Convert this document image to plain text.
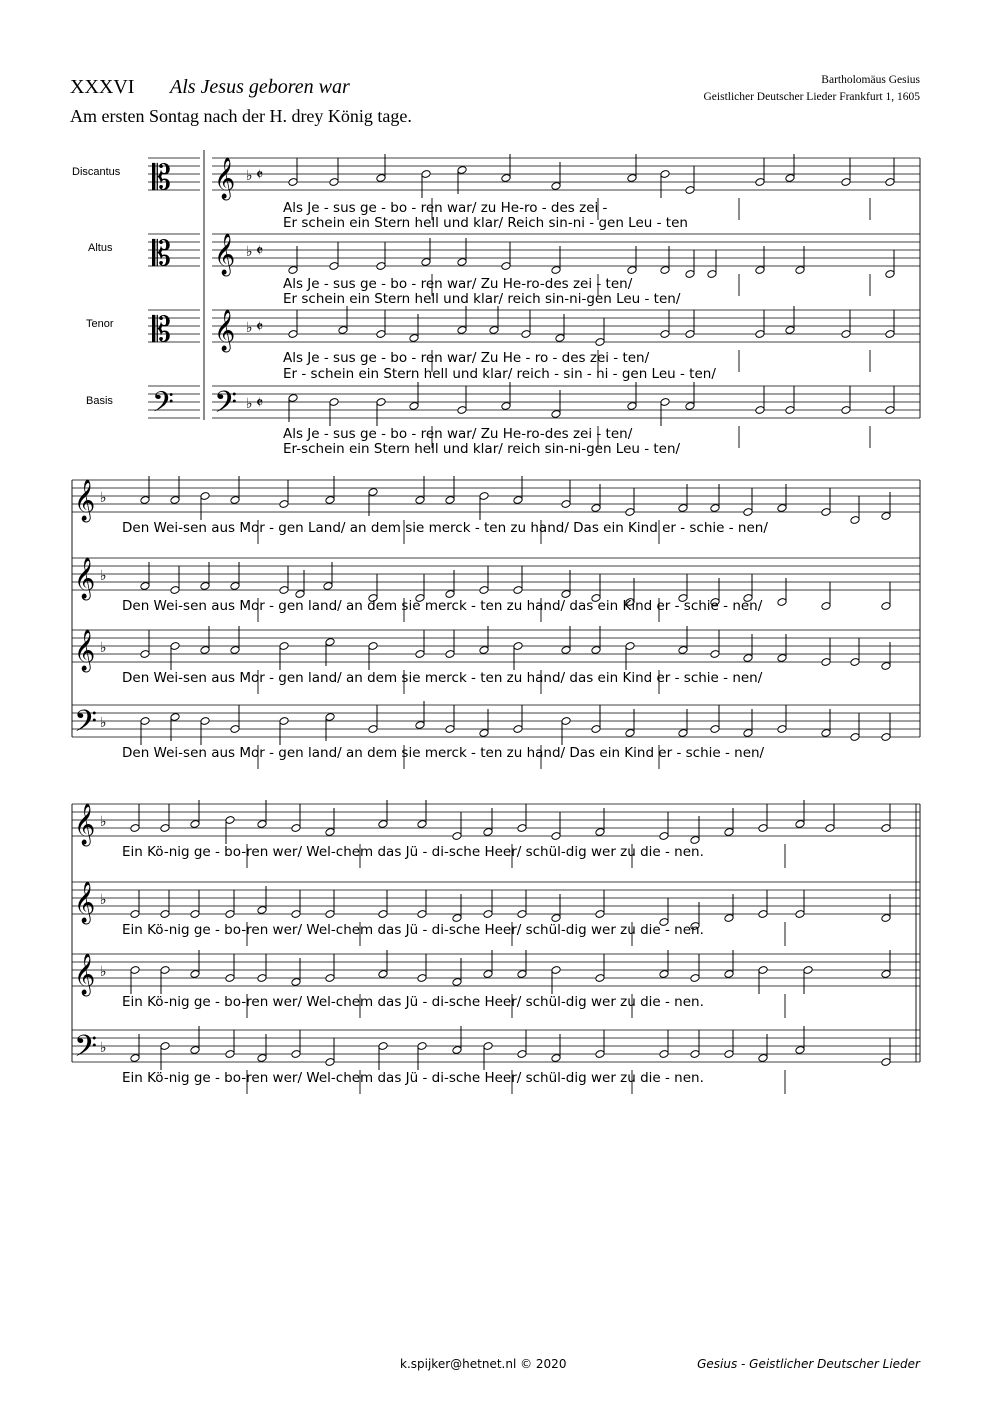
XXXVI Als Jesus geboren war
Am ersten Sontag nach der H. drey König tage.
Bartholomäus Gesius
Geistlicher Deutscher Lieder Frankfurt 1, 1605
Discantus
Altus
Tenor
Basis
𝄡 𝄞 ♭ 𝄵
𝄡 𝄞 ♭ 𝄵
𝄡 𝄞 ♭ 𝄵
𝄢 𝄢 ♭ 𝄵
𝄞 ♭
𝄞 ♭
𝄞 ♭
𝄢 ♭
𝄞 ♭
𝄞 ♭
𝄞 ♭
𝄢 ♭
Als Je - sus ge - bo - ren war/ zu He-ro - des zei -
Er schein ein Stern hell und klar/ Reich sin-ni - gen Leu - ten
Als Je - sus ge - bo - ren war/ Zu He-ro-des zei - ten/
Er schein ein Stern hell und klar/ reich sin-ni-gen Leu - ten/
Als Je - sus ge - bo - ren war/ Zu He - ro - des zei - ten/
Er - schein ein Stern hell und klar/ reich - sin - ni - gen Leu - ten/
Als Je - sus ge - bo - ren war/ Zu He-ro-des zei - ten/
Er-schein ein Stern hell und klar/ reich sin-ni-gen Leu - ten/
Den Wei-sen aus Mor - gen Land/ an dem sie merck - ten zu hand/ Das ein Kind er - schie - nen/
Den Wei-sen aus Mor - gen land/ an dem sie merck - ten zu hand/ das ein Kind er - schie - nen/
Den Wei-sen aus Mor - gen land/ an dem sie merck - ten zu hand/ das ein Kind er - schie - nen/
Den Wei-sen aus Mor - gen land/ an dem sie merck - ten zu hand/ Das ein Kind er - schie - nen/
Ein Kö-nig ge - bo-ren wer/ Wel-chem das Jü - di-sche Heer/ schül-dig wer zu die - nen.
Ein Kö-nig ge - bo-ren wer/ Wel-chem das Jü - di-sche Heer/ schül-dig wer zu die - nen.
Ein Kö-nig ge - bo-ren wer/ Wel-chem das Jü - di-sche Heer/ schül-dig wer zu die - nen.
Ein Kö-nig ge - bo-ren wer/ Wel-chem das Jü - di-sche Heer/ schül-dig wer zu die - nen.
k.spijker@hetnet.nl © 2020	Gesius - Geistlicher Deutscher Lieder
